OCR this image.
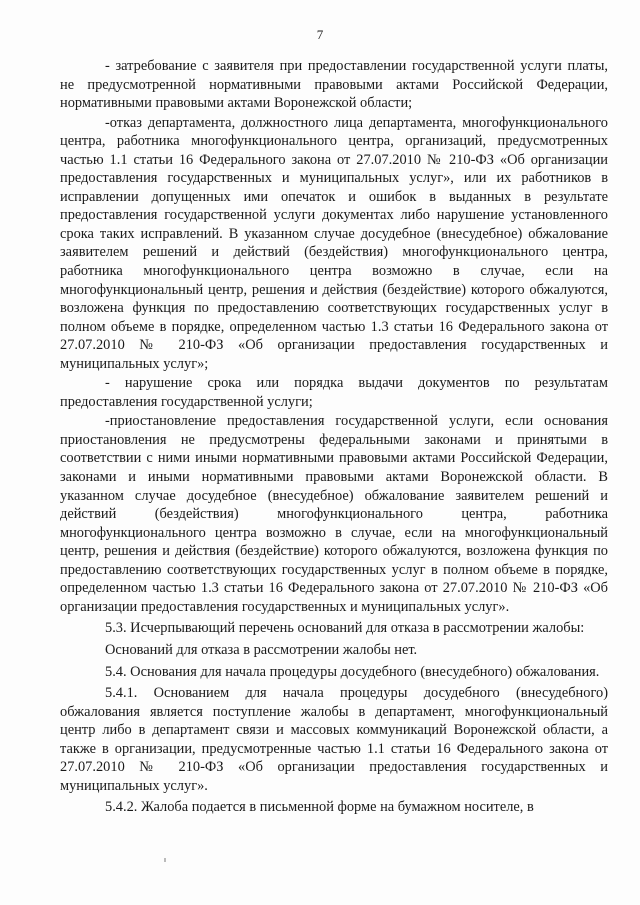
7

- затребование с заявителя при предоставлении государственной услуги платы, не предусмотренной нормативными правовыми актами Российской Федерации, нормативными правовыми актами Воронежской области;

-отказ департамента, должностного лица департамента, многофункционального центра, работника многофункционального центра, организаций, предусмотренных частью 1.1 статьи 16 Федерального закона от 27.07.2010 № 210-ФЗ «Об организации предоставления государственных и муниципальных услуг», или их работников в исправлении допущенных ими опечаток и ошибок в выданных в результате предоставления государственной услуги документах либо нарушение установленного срока таких исправлений. В указанном случае досудебное (внесудебное) обжалование заявителем решений и действий (бездействия) многофункционального центра, работника многофункционального центра возможно в случае, если на многофункциональный центр, решения и действия (бездействие) которого обжалуются, возложена функция по предоставлению соответствующих государственных услуг в полном объеме в порядке, определенном частью 1.3 статьи 16 Федерального закона от 27.07.2010 № 210-ФЗ «Об организации предоставления государственных и муниципальных услуг»;

- нарушение срока или порядка выдачи документов по результатам предоставления государственной услуги;

-приостановление предоставления государственной услуги, если основания приостановления не предусмотрены федеральными законами и принятыми в соответствии с ними иными нормативными правовыми актами Российской Федерации, законами и иными нормативными правовыми актами Воронежской области. В указанном случае досудебное (внесудебное) обжалование заявителем решений и действий (бездействия) многофункционального центра, работника многофункционального центра возможно в случае, если на многофункциональный центр, решения и действия (бездействие) которого обжалуются, возложена функция по предоставлению соответствующих государственных услуг в полном объеме в порядке, определенном частью 1.3 статьи 16 Федерального закона от 27.07.2010 № 210-ФЗ «Об организации предоставления государственных и муниципальных услуг».

5.3. Исчерпывающий перечень оснований для отказа в рассмотрении жалобы:

Оснований для отказа в рассмотрении жалобы нет.

5.4. Основания для начала процедуры досудебного (внесудебного) обжалования.

5.4.1. Основанием для начала процедуры досудебного (внесудебного) обжалования является поступление жалобы в департамент, многофункциональный центр либо в департамент связи и массовых коммуникаций Воронежской области, а также в организации, предусмотренные частью 1.1 статьи 16 Федерального закона от 27.07.2010 № 210-ФЗ «Об организации предоставления государственных и муниципальных услуг».

5.4.2. Жалоба подается в письменной форме на бумажном носителе, в
